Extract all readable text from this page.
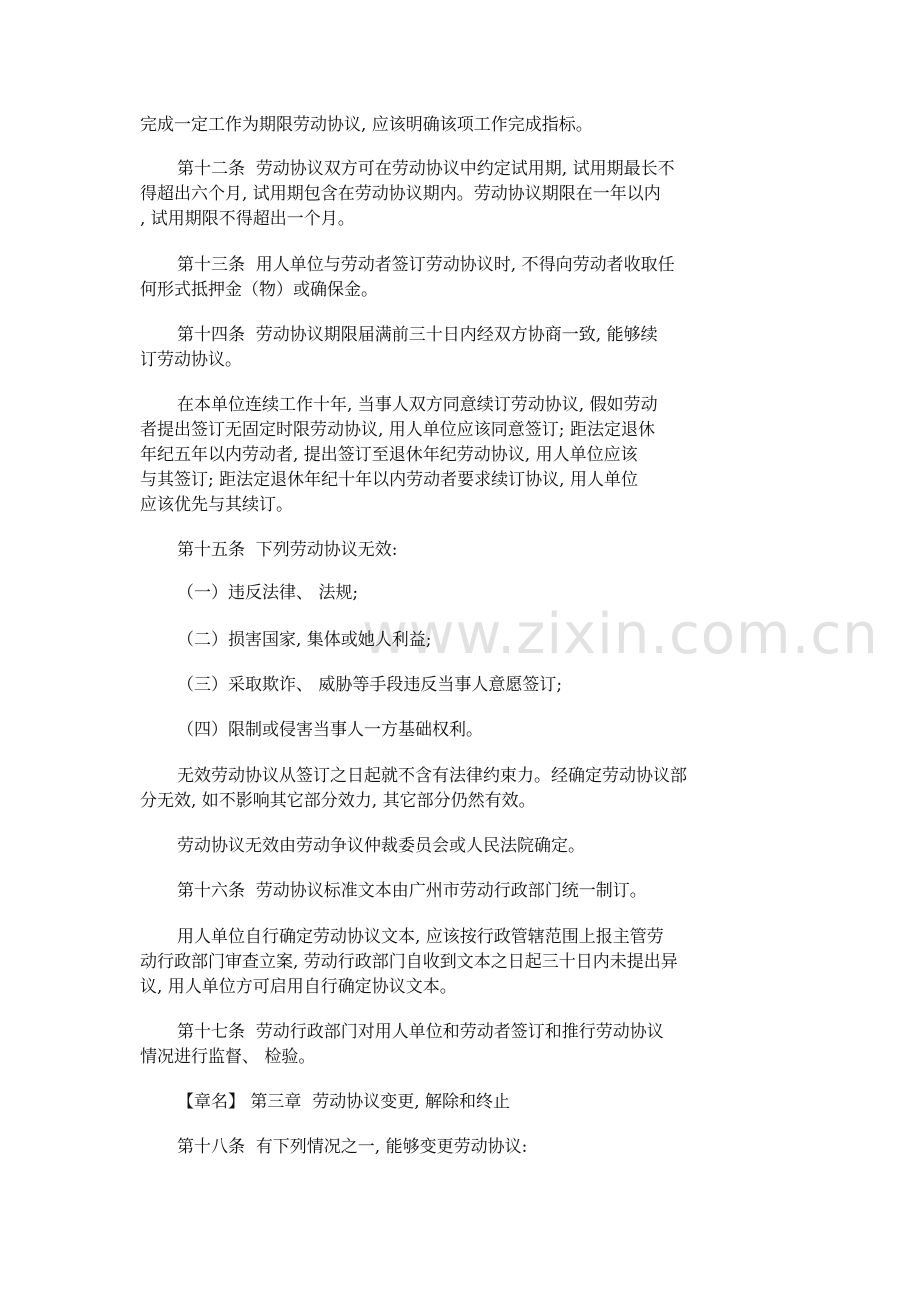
www.zixin.com.cn
完成一定工作为期限劳动协议, 应该明确该项工作完成指标。
第十二条  劳动协议双方可在劳动协议中约定试用期, 试用期最长不
得超出六个月, 试用期包含在劳动协议期内。劳动协议期限在一年以内
, 试用期限不得超出一个月。
第十三条  用人单位与劳动者签订劳动协议时, 不得向劳动者收取任
何形式抵押金（物）或确保金。
第十四条  劳动协议期限届满前三十日内经双方协商一致, 能够续
订劳动协议。
在本单位连续工作十年, 当事人双方同意续订劳动协议, 假如劳动
者提出签订无固定时限劳动协议, 用人单位应该同意签订; 距法定退休
年纪五年以内劳动者, 提出签订至退休年纪劳动协议, 用人单位应该
与其签订; 距法定退休年纪十年以内劳动者要求续订协议, 用人单位
应该优先与其续订。
第十五条  下列劳动协议无效:
（一）违反法律、 法规;
（二）损害国家, 集体或她人利益;
（三）采取欺诈、 威胁等手段违反当事人意愿签订;
（四）限制或侵害当事人一方基础权利。
无效劳动协议从签订之日起就不含有法律约束力。经确定劳动协议部
分无效, 如不影响其它部分效力, 其它部分仍然有效。
劳动协议无效由劳动争议仲裁委员会或人民法院确定。
第十六条  劳动协议标准文本由广州市劳动行政部门统一制订。
用人单位自行确定劳动协议文本, 应该按行政管辖范围上报主管劳
动行政部门审查立案, 劳动行政部门自收到文本之日起三十日内未提出异
议, 用人单位方可启用自行确定协议文本。
第十七条  劳动行政部门对用人单位和劳动者签订和推行劳动协议
情况进行监督、 检验。
【章名】 第三章  劳动协议变更, 解除和终止
第十八条  有下列情况之一, 能够变更劳动协议:
